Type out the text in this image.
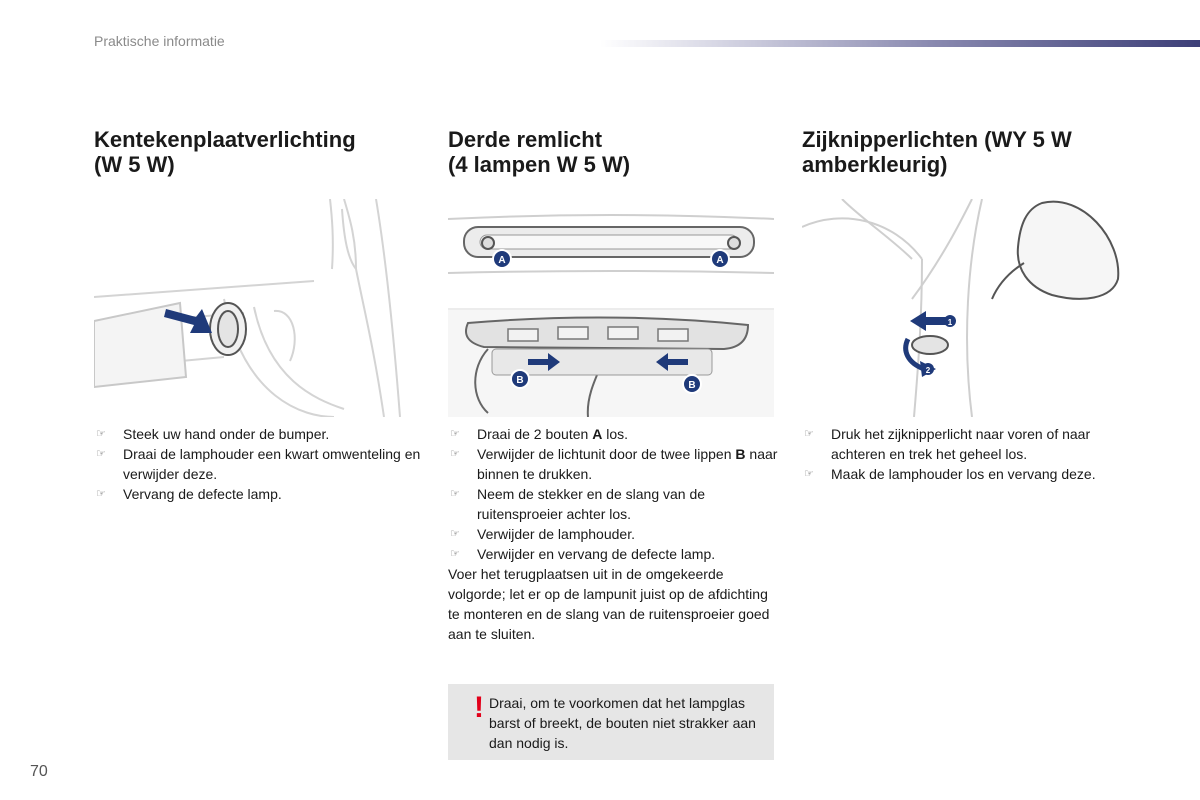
Praktische informatie
Kentekenplaatverlichting
(W 5 W)
☞ Steek uw hand onder de bumper.
☞ Draai de lamphouder een kwart omwenteling en verwijder deze.
☞ Vervang de defecte lamp.
Derde remlicht
(4 lampen W 5 W)
A	A
B	B
☞ Draai de 2 bouten A los.
☞ Verwijder de lichtunit door de twee lippen B naar binnen te drukken.
☞ Neem de stekker en de slang van de ruitensproeier achter los.
☞ Verwijder de lamphouder.
☞ Verwijder en vervang de defecte lamp.

Voer het terugplaatsen uit in de omgekeerde volgorde; let er op de lampunit juist op de afdichting te monteren en de slang van de ruitensproeier goed aan te sluiten.

! Draai, om te voorkomen dat het lampglas barst of breekt, de bouten niet strakker aan dan nodig is.
Zijknipperlichten (WY 5 W
amberkleurig)
1
2
☞ Druk het zijknipperlicht naar voren of naar achteren en trek het geheel los.
☞ Maak de lamphouder los en vervang deze.
70
